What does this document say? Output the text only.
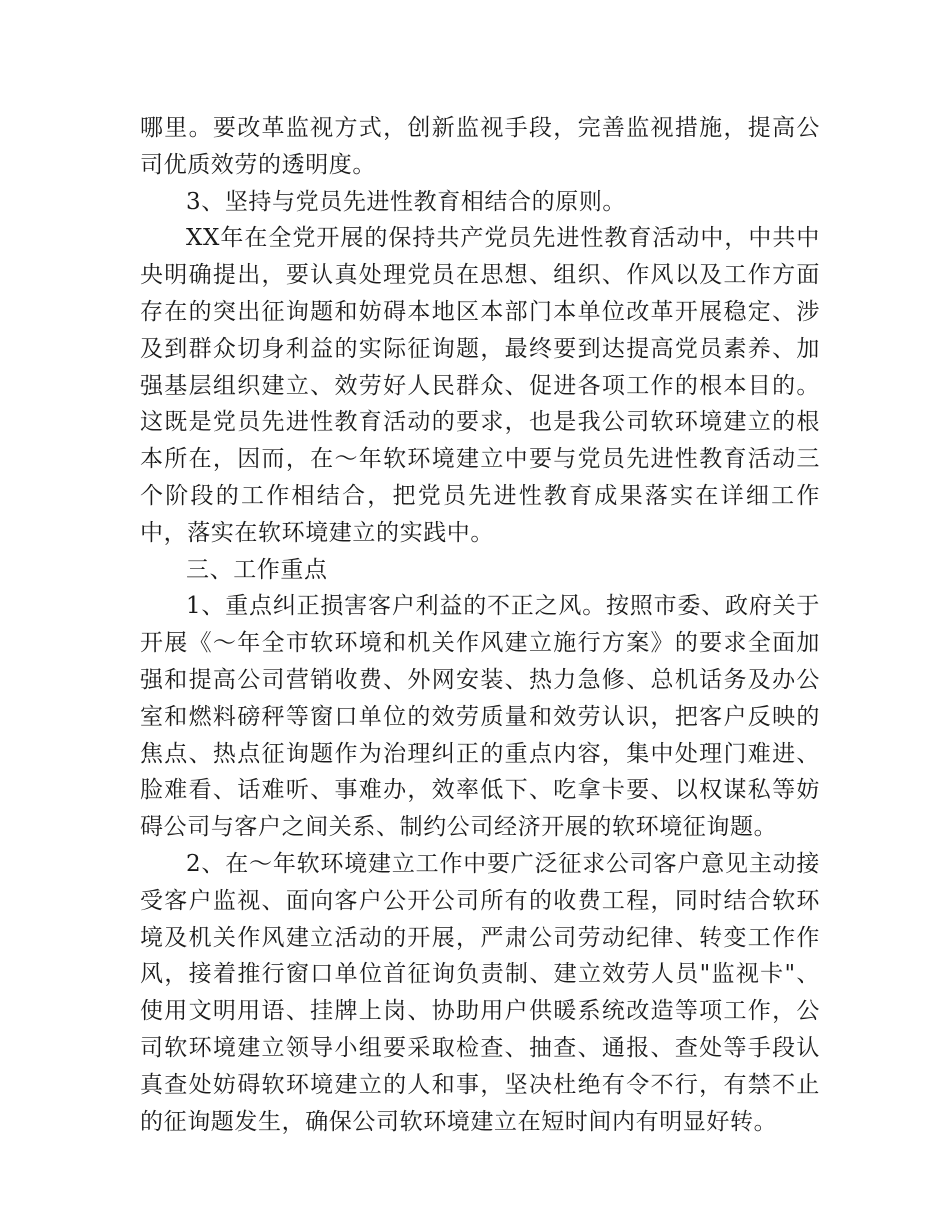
哪里。要改革监视方式，创新监视手段，完善监视措施，提高公司优质效劳的透明度。

3、坚持与党员先进性教育相结合的原则。

XX年在全党开展的保持共产党员先进性教育活动中，中共中央明确提出，要认真处理党员在思想、组织、作风以及工作方面存在的突出征询题和妨碍本地区本部门本单位改革开展稳定、涉及到群众切身利益的实际征询题，最终要到达提高党员素养、加强基层组织建立、效劳好人民群众、促进各项工作的根本目的。这既是党员先进性教育活动的要求，也是我公司软环境建立的根本所在，因而，在～年软环境建立中要与党员先进性教育活动三个阶段的工作相结合，把党员先进性教育成果落实在详细工作中，落实在软环境建立的实践中。

三、工作重点

1、重点纠正损害客户利益的不正之风。按照市委、政府关于开展《～年全市软环境和机关作风建立施行方案》的要求全面加强和提高公司营销收费、外网安装、热力急修、总机话务及办公室和燃料磅秤等窗口单位的效劳质量和效劳认识，把客户反映的焦点、热点征询题作为治理纠正的重点内容，集中处理门难进、脸难看、话难听、事难办，效率低下、吃拿卡要、以权谋私等妨碍公司与客户之间关系、制约公司经济开展的软环境征询题。

2、在～年软环境建立工作中要广泛征求公司客户意见主动接受客户监视、面向客户公开公司所有的收费工程，同时结合软环境及机关作风建立活动的开展，严肃公司劳动纪律、转变工作作风，接着推行窗口单位首征询负责制、建立效劳人员"监视卡"、使用文明用语、挂牌上岗、协助用户供暖系统改造等项工作，公司软环境建立领导小组要采取检查、抽查、通报、查处等手段认真查处妨碍软环境建立的人和事，坚决杜绝有令不行，有禁不止的征询题发生，确保公司软环境建立在短时间内有明显好转。
